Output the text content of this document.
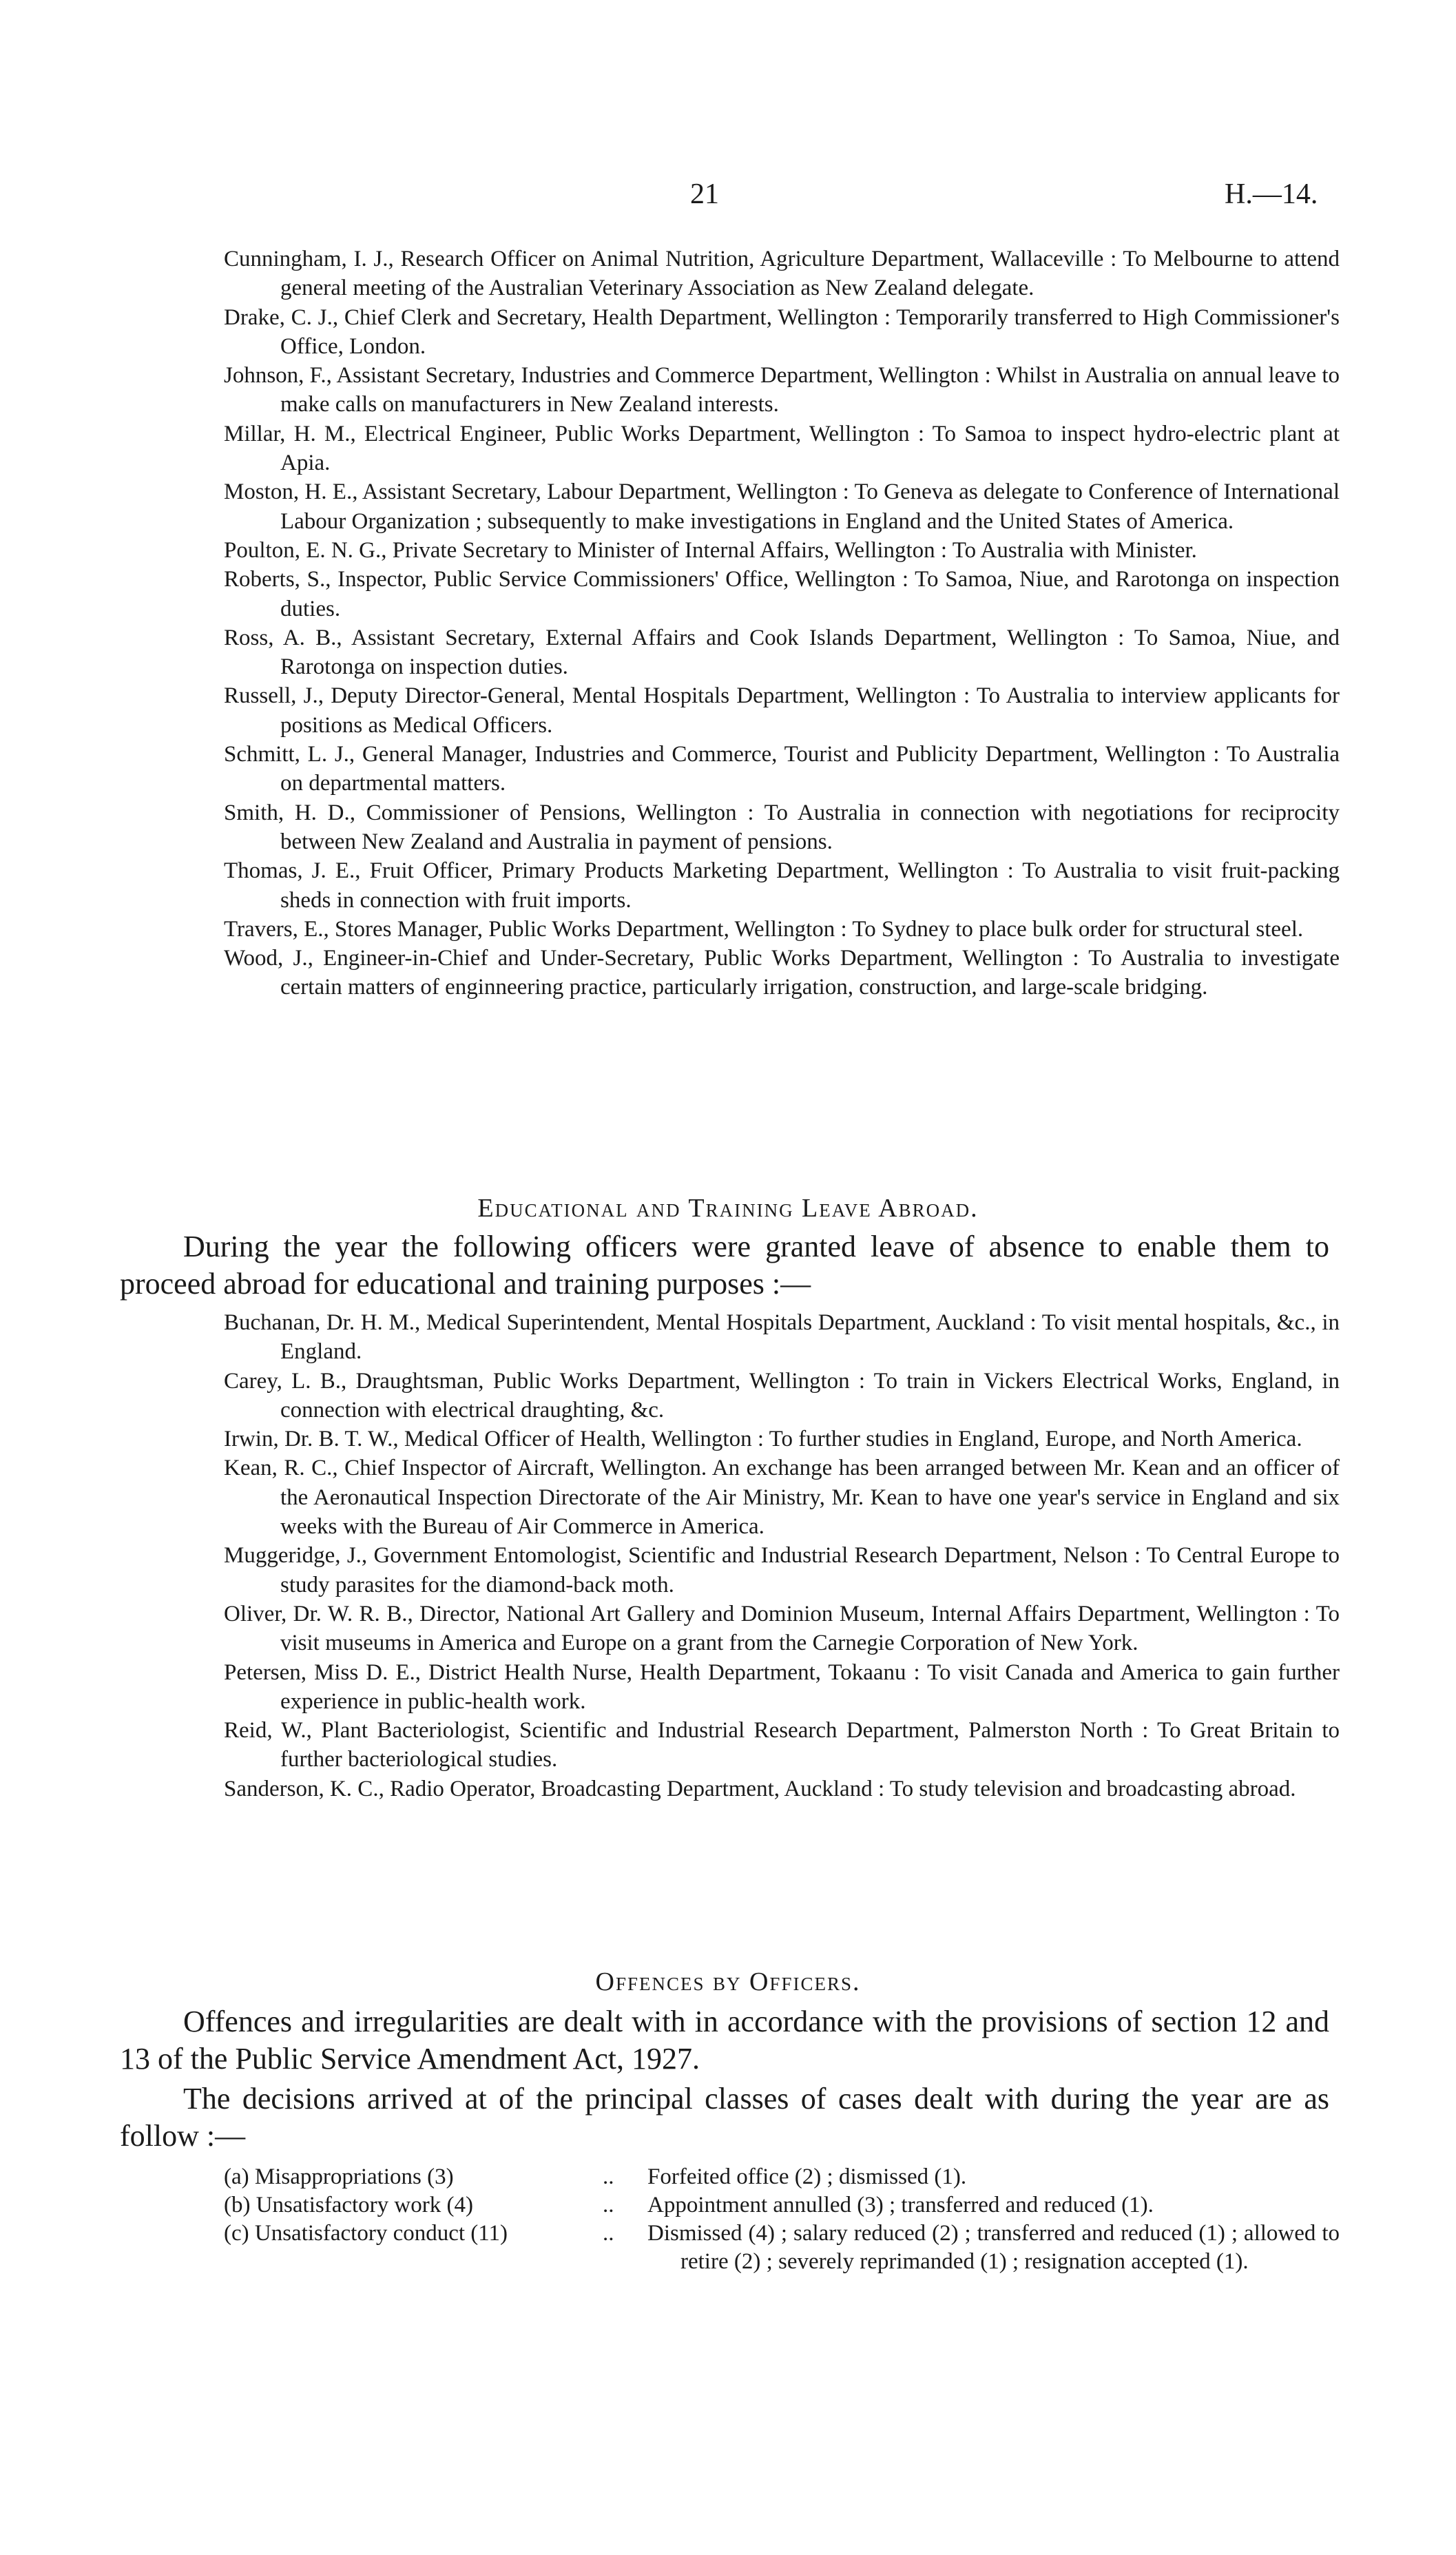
21	H.—14.

Cunningham, I. J., Research Officer on Animal Nutrition, Agriculture Department, Wallaceville : To Melbourne to attend general meeting of the Australian Veterinary Association as New Zealand delegate.

Drake, C. J., Chief Clerk and Secretary, Health Department, Wellington : Temporarily transferred to High Commissioner's Office, London.

Johnson, F., Assistant Secretary, Industries and Commerce Department, Wellington : Whilst in Australia on annual leave to make calls on manufacturers in New Zealand interests.

Millar, H. M., Electrical Engineer, Public Works Department, Wellington : To Samoa to inspect hydro-electric plant at Apia.

Moston, H. E., Assistant Secretary, Labour Department, Wellington : To Geneva as delegate to Conference of International Labour Organization ; subsequently to make investigations in England and the United States of America.

Poulton, E. N. G., Private Secretary to Minister of Internal Affairs, Wellington : To Australia with Minister.

Roberts, S., Inspector, Public Service Commissioners' Office, Wellington : To Samoa, Niue, and Rarotonga on inspection duties.

Ross, A. B., Assistant Secretary, External Affairs and Cook Islands Department, Wellington : To Samoa, Niue, and Rarotonga on inspection duties.

Russell, J., Deputy Director-General, Mental Hospitals Department, Wellington : To Australia to interview applicants for positions as Medical Officers.

Schmitt, L. J., General Manager, Industries and Commerce, Tourist and Publicity Department, Wellington : To Australia on departmental matters.

Smith, H. D., Commissioner of Pensions, Wellington : To Australia in connection with negotiations for reciprocity between New Zealand and Australia in payment of pensions.

Thomas, J. E., Fruit Officer, Primary Products Marketing Department, Wellington : To Australia to visit fruit-packing sheds in connection with fruit imports.

Travers, E., Stores Manager, Public Works Department, Wellington : To Sydney to place bulk order for structural steel.

Wood, J., Engineer-in-Chief and Under-Secretary, Public Works Department, Wellington : To Australia to investigate certain matters of enginneering practice, particularly irrigation, construction, and large-scale bridging.

Educational and Training Leave Abroad.

During the year the following officers were granted leave of absence to enable them to proceed abroad for educational and training purposes :—

Buchanan, Dr. H. M., Medical Superintendent, Mental Hospitals Department, Auckland : To visit mental hospitals, &c., in England.

Carey, L. B., Draughtsman, Public Works Department, Wellington : To train in Vickers Electrical Works, England, in connection with electrical draughting, &c.

Irwin, Dr. B. T. W., Medical Officer of Health, Wellington : To further studies in England, Europe, and North America.

Kean, R. C., Chief Inspector of Aircraft, Wellington. An exchange has been arranged between Mr. Kean and an officer of the Aeronautical Inspection Directorate of the Air Ministry, Mr. Kean to have one year's service in England and six weeks with the Bureau of Air Commerce in America.

Muggeridge, J., Government Entomologist, Scientific and Industrial Research Department, Nelson : To Central Europe to study parasites for the diamond-back moth.

Oliver, Dr. W. R. B., Director, National Art Gallery and Dominion Museum, Internal Affairs Department, Wellington : To visit museums in America and Europe on a grant from the Carnegie Corporation of New York.

Petersen, Miss D. E., District Health Nurse, Health Department, Tokaanu : To visit Canada and America to gain further experience in public-health work.

Reid, W., Plant Bacteriologist, Scientific and Industrial Research Department, Palmerston North : To Great Britain to further bacteriological studies.

Sanderson, K. C., Radio Operator, Broadcasting Department, Auckland : To study television and broadcasting abroad.

Offences by Officers.

Offences and irregularities are dealt with in accordance with the provisions of section 12 and 13 of the Public Service Amendment Act, 1927.

The decisions arrived at of the principal classes of cases dealt with during the year are as follow :—

(a) Misappropriations (3)	.. Forfeited office (2) ; dismissed (1).
(b) Unsatisfactory work (4)	.. Appointment annulled (3) ; transferred and reduced (1).
(c) Unsatisfactory conduct (11)	.. Dismissed (4) ; salary reduced (2) ; transferred and reduced (1) ; allowed to retire (2) ; severely reprimanded (1) ; resignation accepted (1).
